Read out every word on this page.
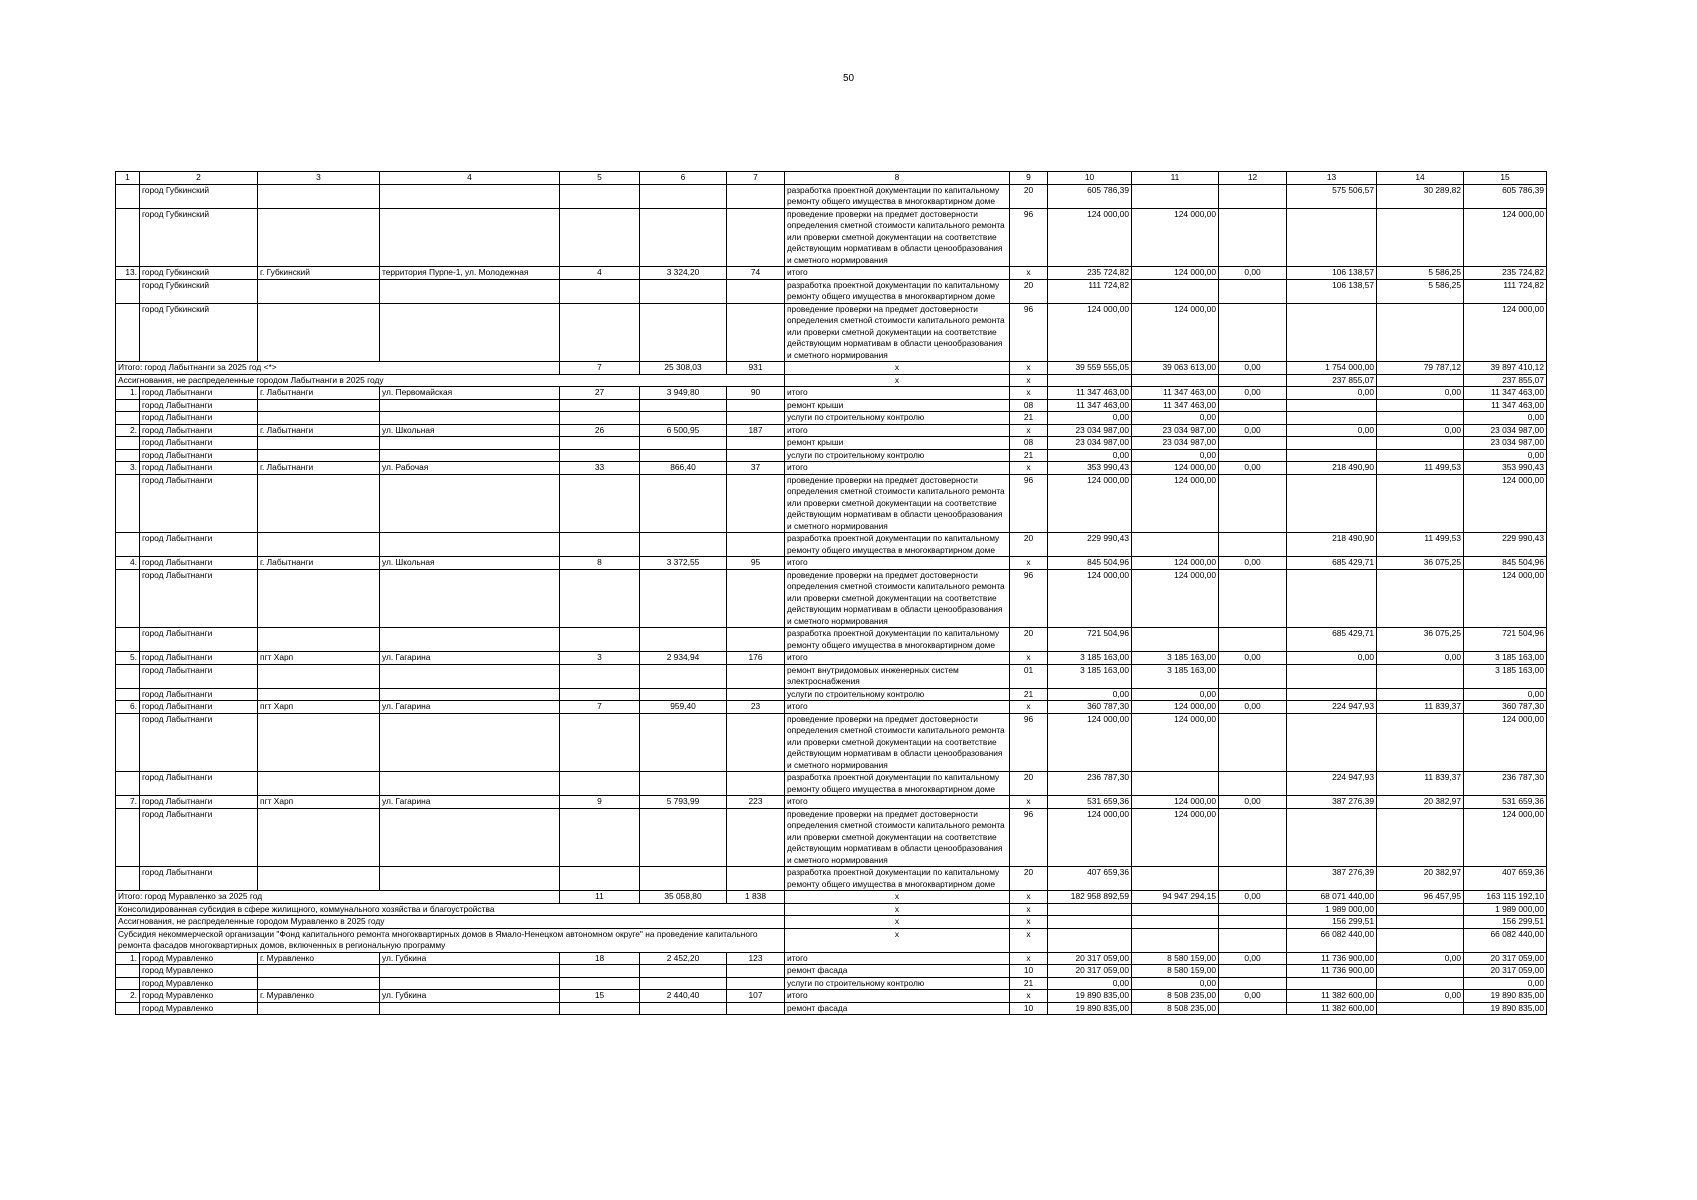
50
1	2	3	4	5	6	7	8	9	10	11	12	13	14	15
	город Губкинский						разработка проектной документации по капитальному ремонту общего имущества в многоквартирном доме	20	605 786,39			575 506,57	30 289,82	605 786,39
	город Губкинский						проведение проверки на предмет достоверности определения сметной стоимости капитального ремонта или проверки сметной документации на соответствие действующим нормативам в области ценообразования и сметного нормирования	96	124 000,00	124 000,00				124 000,00
13.	город Губкинский	г. Губкинский	территория Пурпе-1, ул. Молодежная	4	3 324,20	74	итого	x	235 724,82	124 000,00	0,00	106 138,57	5 586,25	235 724,82
	город Губкинский						разработка проектной документации по капитальному ремонту общего имущества в многоквартирном доме	20	111 724,82			106 138,57	5 586,25	111 724,82
	город Губкинский						проведение проверки на предмет достоверности определения сметной стоимости капитального ремонта или проверки сметной документации на соответствие действующим нормативам в области ценообразования и сметного нормирования	96	124 000,00	124 000,00				124 000,00
Итого: город Лабытнанги за 2025 год <*>				7	25 308,03	931	x	x	39 559 555,05	39 063 613,00	0,00	1 754 000,00	79 787,12	39 897 410,12
Ассигнования, не распределенные городом Лабытнанги в 2025 году							x	x				237 855,07		237 855,07
1.	город Лабытнанги	г. Лабытнанги	ул. Первомайская	27	3 949,80	90	итого	x	11 347 463,00	11 347 463,00	0,00	0,00	0,00	11 347 463,00
	город Лабытнанги						ремонт крыши	08	11 347 463,00	11 347 463,00				11 347 463,00
	город Лабытнанги						услуги по строительному контролю	21	0,00	0,00				0,00
2.	город Лабытнанги	г. Лабытнанги	ул. Школьная	26	6 500,95	187	итого	x	23 034 987,00	23 034 987,00	0,00	0,00	0,00	23 034 987,00
	город Лабытнанги						ремонт крыши	08	23 034 987,00	23 034 987,00				23 034 987,00
	город Лабытнанги						услуги по строительному контролю	21	0,00	0,00				0,00
3.	город Лабытнанги	г. Лабытнанги	ул. Рабочая	33	866,40	37	итого	x	353 990,43	124 000,00	0,00	218 490,90	11 499,53	353 990,43
	город Лабытнанги						проведение проверки на предмет достоверности определения сметной стоимости капитального ремонта или проверки сметной документации на соответствие действующим нормативам в области ценообразования и сметного нормирования	96	124 000,00	124 000,00				124 000,00
	город Лабытнанги						разработка проектной документации по капитальному ремонту общего имущества в многоквартирном доме	20	229 990,43			218 490,90	11 499,53	229 990,43
4.	город Лабытнанги	г. Лабытнанги	ул. Школьная	8	3 372,55	95	итого	x	845 504,96	124 000,00	0,00	685 429,71	36 075,25	845 504,96
	город Лабытнанги						проведение проверки на предмет достоверности определения сметной стоимости капитального ремонта или проверки сметной документации на соответствие действующим нормативам в области ценообразования и сметного нормирования	96	124 000,00	124 000,00				124 000,00
	город Лабытнанги						разработка проектной документации по капитальному ремонту общего имущества в многоквартирном доме	20	721 504,96			685 429,71	36 075,25	721 504,96
5.	город Лабытнанги	пгт Харп	ул. Гагарина	3	2 934,94	176	итого	x	3 185 163,00	3 185 163,00	0,00	0,00	0,00	3 185 163,00
	город Лабытнанги						ремонт внутридомовых инженерных систем электроснабжения	01	3 185 163,00	3 185 163,00				3 185 163,00
	город Лабытнанги						услуги по строительному контролю	21	0,00	0,00				0,00
6.	город Лабытнанги	пгт Харп	ул. Гагарина	7	959,40	23	итого	x	360 787,30	124 000,00	0,00	224 947,93	11 839,37	360 787,30
	город Лабытнанги						проведение проверки на предмет достоверности определения сметной стоимости капитального ремонта или проверки сметной документации на соответствие действующим нормативам в области ценообразования и сметного нормирования	96	124 000,00	124 000,00				124 000,00
	город Лабытнанги						разработка проектной документации по капитальному ремонту общего имущества в многоквартирном доме	20	236 787,30			224 947,93	11 839,37	236 787,30
7.	город Лабытнанги	пгт Харп	ул. Гагарина	9	5 793,99	223	итого	x	531 659,36	124 000,00	0,00	387 276,39	20 382,97	531 659,36
	город Лабытнанги						проведение проверки на предмет достоверности определения сметной стоимости капитального ремонта или проверки сметной документации на соответствие действующим нормативам в области ценообразования и сметного нормирования	96	124 000,00	124 000,00				124 000,00
	город Лабытнанги						разработка проектной документации по капитальному ремонту общего имущества в многоквартирном доме	20	407 659,36			387 276,39	20 382,97	407 659,36
Итого: город Муравленко за 2025 год				11	35 058,80	1 838	x	x	182 958 892,59	94 947 294,15	0,00	68 071 440,00	96 457,95	163 115 192,10
Консолидированная субсидия в сфере жилищного, коммунального хозяйства и благоустройства							x	x				1 989 000,00		1 989 000,00
Ассигнования, не распределенные городом Муравленко в 2025 году							x	x				156 299,51		156 299,51
Субсидия некоммерческой организации "Фонд капитального ремонта многоквартирных домов в Ямало-Ненецком автономном округе" на проведение капитального ремонта фасадов многоквартирных домов, включенных в региональную программу							x	x				66 082 440,00		66 082 440,00
1.	город Муравленко	г. Муравленко	ул. Губкина	18	2 452,20	123	итого	x	20 317 059,00	8 580 159,00	0,00	11 736 900,00	0,00	20 317 059,00
	город Муравленко						ремонт фасада	10	20 317 059,00	8 580 159,00		11 736 900,00		20 317 059,00
	город Муравленко						услуги по строительному контролю	21	0,00	0,00				0,00
2.	город Муравленко	г. Муравленко	ул. Губкина	15	2 440,40	107	итого	x	19 890 835,00	8 508 235,00	0,00	11 382 600,00	0,00	19 890 835,00
	город Муравленко						ремонт фасада	10	19 890 835,00	8 508 235,00		11 382 600,00		19 890 835,00
